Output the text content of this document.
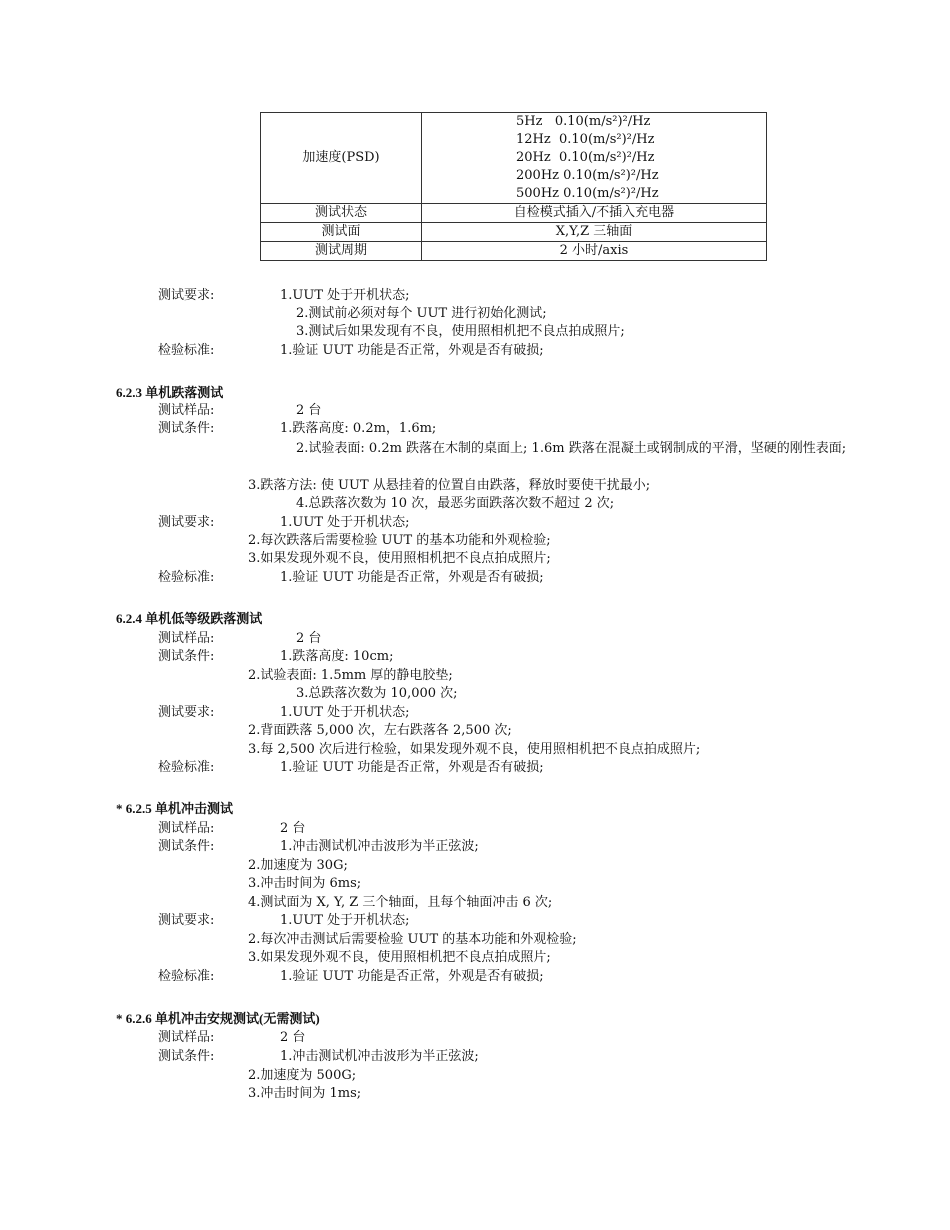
加速度(PSD)	5Hz   0.10(m/s²)²/Hz
12Hz  0.10(m/s²)²/Hz
20Hz  0.10(m/s²)²/Hz
200Hz 0.10(m/s²)²/Hz
500Hz 0.10(m/s²)²/Hz

测试状态	自检模式插入/不插入充电器
测试面	X,Y,Z 三轴面
测试周期	2 小时/axis
测试要求:	1.UUT 处于开机状态;
2.测试前必须对每个 UUT 进行初始化测试;
3.测试后如果发现有不良，使用照相机把不良点拍成照片;
检验标准:	1.验证 UUT 功能是否正常，外观是否有破损;
6.2.3 单机跌落测试
测试样品:	2 台
测试条件:	1.跌落高度: 0.2m，1.6m;
2.试验表面: 0.2m 跌落在木制的桌面上; 1.6m 跌落在混凝土或钢制成的平滑，坚硬的刚性表面;
3.跌落方法: 使 UUT 从悬挂着的位置自由跌落，释放时要使干扰最小;
4.总跌落次数为 10 次，最恶劣面跌落次数不超过 2 次;
测试要求:	1.UUT 处于开机状态;
2.每次跌落后需要检验 UUT 的基本功能和外观检验;
3.如果发现外观不良，使用照相机把不良点拍成照片;
检验标准:	1.验证 UUT 功能是否正常，外观是否有破损;
6.2.4 单机低等级跌落测试
测试样品:	2 台
测试条件:	1.跌落高度: 10cm;
2.试验表面: 1.5mm 厚的静电胶垫;
3.总跌落次数为 10,000 次;
测试要求:	1.UUT 处于开机状态;
2.背面跌落 5,000 次，左右跌落各 2,500 次;
3.每 2,500 次后进行检验，如果发现外观不良，使用照相机把不良点拍成照片;
检验标准:	1.验证 UUT 功能是否正常，外观是否有破损;
* 6.2.5 单机冲击测试
测试样品:	2 台
测试条件:	1.冲击测试机冲击波形为半正弦波;
2.加速度为 30G;
3.冲击时间为 6ms;
4.测试面为 X, Y, Z 三个轴面，且每个轴面冲击 6 次;
测试要求:	1.UUT 处于开机状态;
2.每次冲击测试后需要检验 UUT 的基本功能和外观检验;
3.如果发现外观不良，使用照相机把不良点拍成照片;
检验标准:	1.验证 UUT 功能是否正常，外观是否有破损;
* 6.2.6 单机冲击安规测试(无需测试)
测试样品:	2 台
测试条件:	1.冲击测试机冲击波形为半正弦波;
2.加速度为 500G;
3.冲击时间为 1ms;
